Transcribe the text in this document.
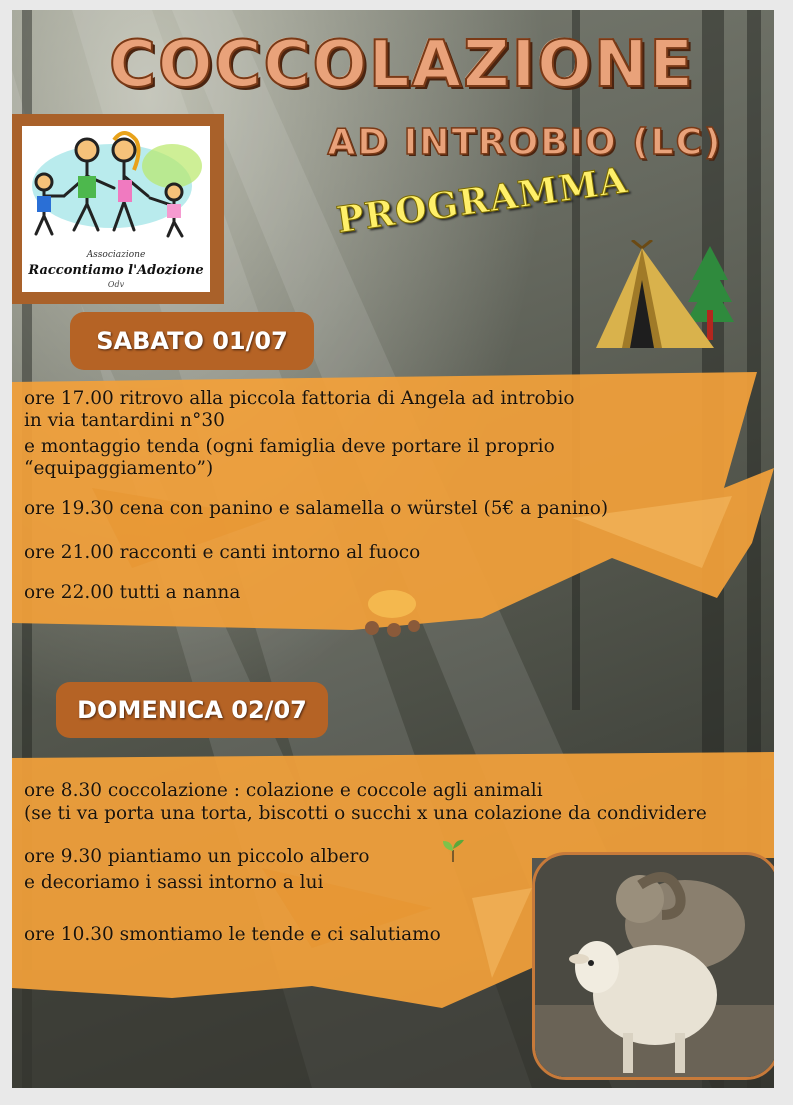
COCCOLAZIONE
AD INTROBIO (LC)
PROGRAMMA
Associazione
Raccontiamo l'Adozione
Odv
SABATO 01/07
ore 17.00 ritrovo alla piccola fattoria di Angela ad introbio
in via tantardini n°30
e montaggio tenda (ogni famiglia deve portare il proprio
“equipaggiamento”)
ore 19.30 cena con panino e salamella o würstel (5€ a panino)
ore 21.00 racconti e canti intorno al fuoco
ore 22.00 tutti a nanna
DOMENICA 02/07
ore 8.30 coccolazione : colazione e coccole agli animali
(se ti va porta una torta, biscotti o succhi x una colazione da condividere
ore 9.30 piantiamo un piccolo albero
e decoriamo i sassi intorno a lui
ore 10.30 smontiamo le tende e ci salutiamo
